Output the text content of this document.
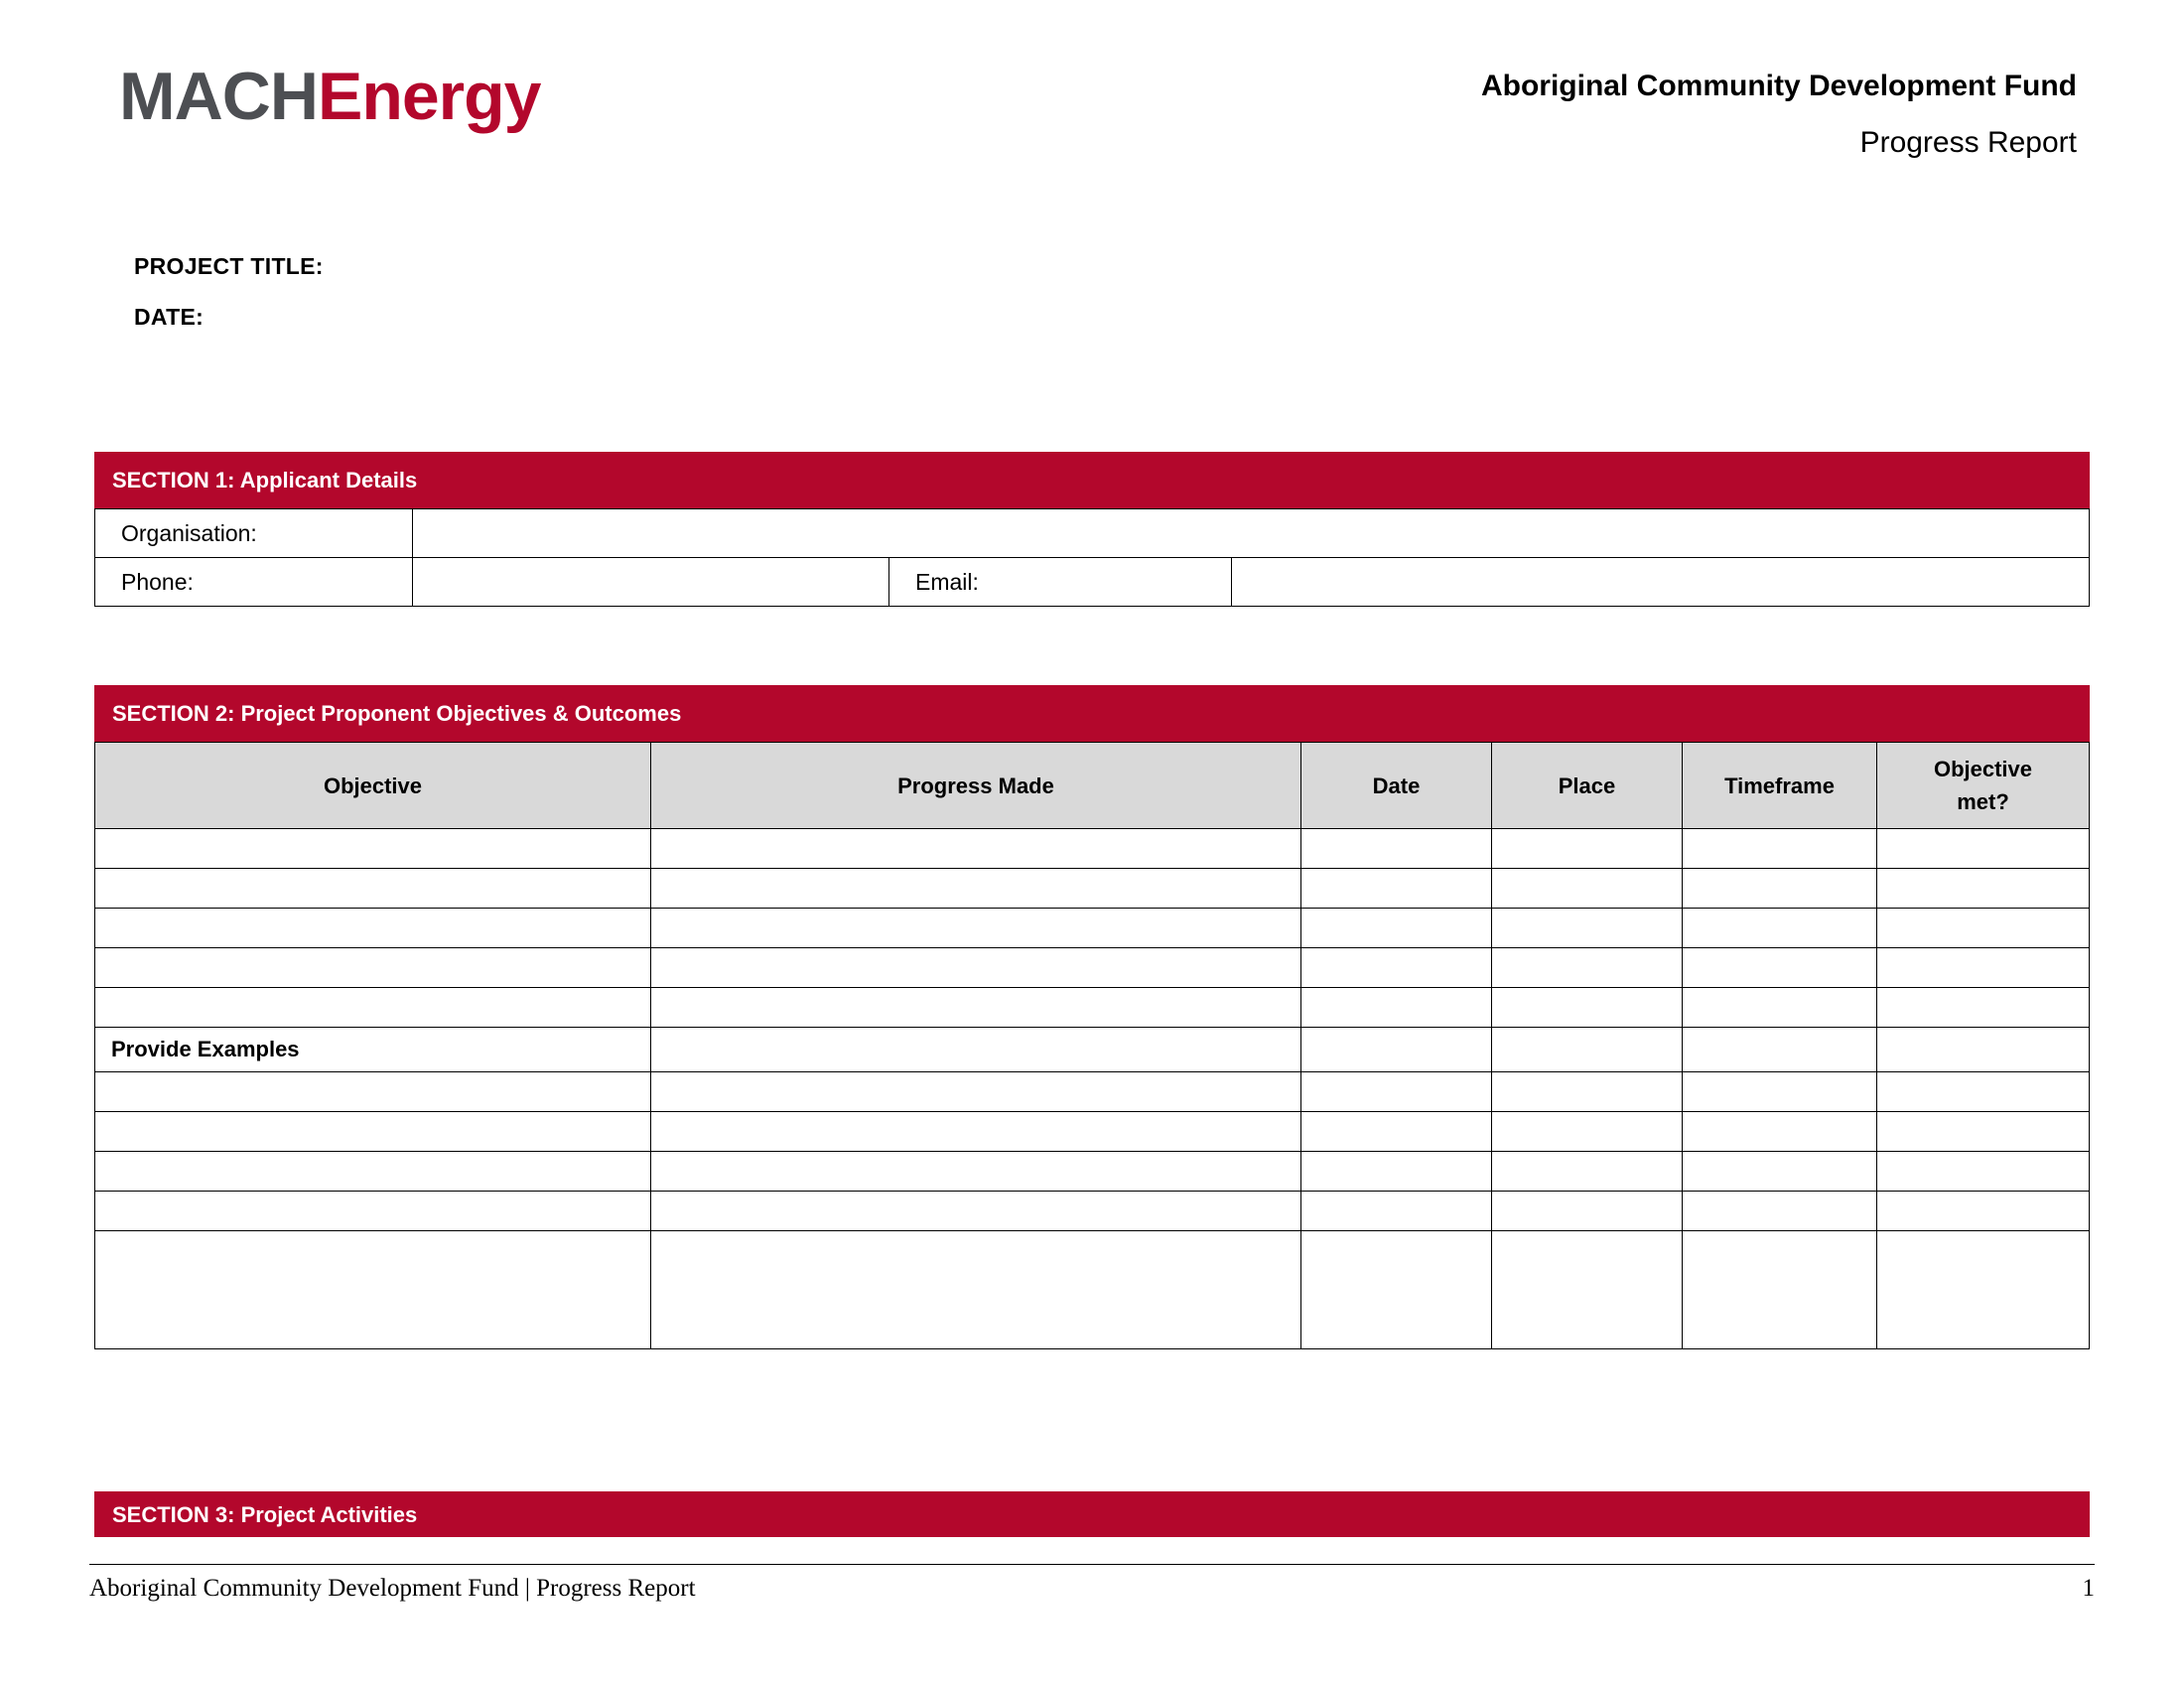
MACHEnergy	Aboriginal Community Development Fund
Progress Report
PROJECT TITLE:
DATE:
SECTION 1: Applicant Details
Organisation:			
Phone:		Email:	
SECTION 2: Project Proponent Objectives & Outcomes
Objective	Progress Made	Date	Place	Timeframe	Objective
met?

Provide Examples					

SECTION 3: Project Activities
Aboriginal Community Development Fund | Progress Report	1
